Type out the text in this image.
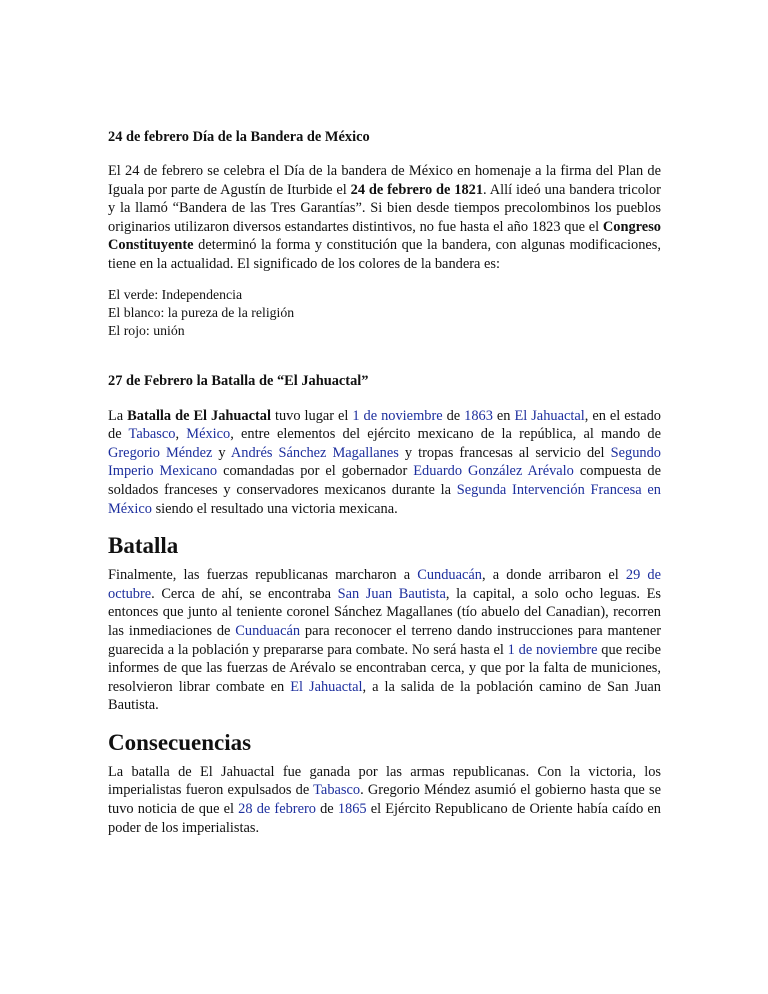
24 de febrero Día de la Bandera de México

El 24 de febrero se celebra el Día de la bandera de México en homenaje a la firma del Plan de Iguala por parte de Agustín de Iturbide el 24 de febrero de 1821. Allí ideó una bandera tricolor y la llamó “Bandera de las Tres Garantías”. Si bien desde tiempos precolombinos los pueblos originarios utilizaron diversos estandartes distintivos, no fue hasta el año 1823 que el Congreso Constituyente determinó la forma y constitución que la bandera, con algunas modificaciones, tiene en la actualidad. El significado de los colores de la bandera es:

El verde: Independencia

El blanco: la pureza de la religión

El rojo: unión

27 de Febrero la Batalla de “El Jahuactal”

La Batalla de El Jahuactal tuvo lugar el 1 de noviembre de 1863 en El Jahuactal, en el estado de Tabasco, México, entre elementos del ejército mexicano de la república, al mando de Gregorio Méndez y Andrés Sánchez Magallanes y tropas francesas al servicio del Segundo Imperio Mexicano comandadas por el gobernador Eduardo González Arévalo compuesta de soldados franceses y conservadores mexicanos durante la Segunda Intervención Francesa en México siendo el resultado una victoria mexicana.

Batalla

Finalmente, las fuerzas republicanas marcharon a Cunduacán, a donde arribaron el 29 de octubre. Cerca de ahí, se encontraba San Juan Bautista, la capital, a solo ocho leguas. Es entonces que junto al teniente coronel Sánchez Magallanes (tío abuelo del Canadian), recorren las inmediaciones de Cunduacán para reconocer el terreno dando instrucciones para mantener guarecida a la población y prepararse para combate. No será hasta el 1 de noviembre que recibe informes de que las fuerzas de Arévalo se encontraban cerca, y que por la falta de municiones, resolvieron librar combate en El Jahuactal, a la salida de la población camino de San Juan Bautista.

Consecuencias

La batalla de El Jahuactal fue ganada por las armas republicanas. Con la victoria, los imperialistas fueron expulsados de Tabasco. Gregorio Méndez asumió el gobierno hasta que se tuvo noticia de que el 28 de febrero de 1865 el Ejército Republicano de Oriente había caído en poder de los imperialistas.
